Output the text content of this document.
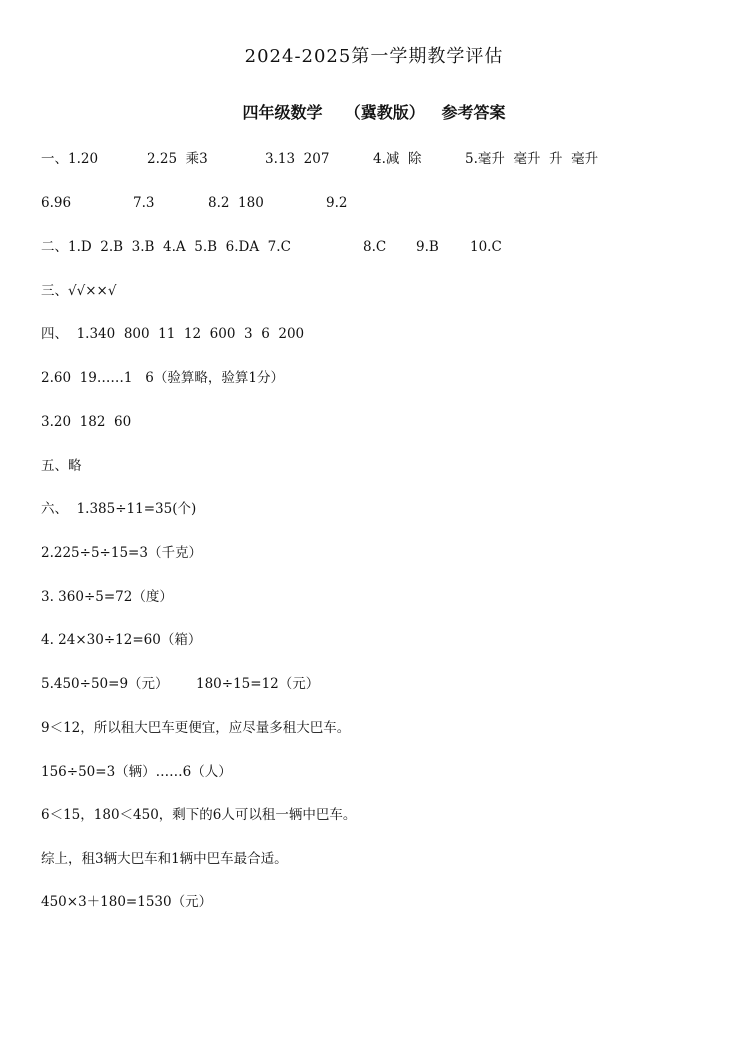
2024-2025第一学期教学评估
四年级数学 （冀教版） 参考答案

一、1.20

	2.25  乘3

	3.13  207

	4.减  除

	5.毫升  毫升  升  毫升

6.96

	7.3

	8.2  180

	9.2

二、1.D  2.B  3.B  4.A  5.B  6.DA  7.C

	8.C

9.B

10.C

三、√√××√
四、  1.340  800  11  12  600  3  6  200
2.60  19……1   6（验算略，验算1分）
3.20  182  60
五、略
六、  1.385÷11=35(个)
2.225÷5÷15=3（千克）
3. 360÷5=72（度）
4. 24×30÷12=60（箱）

5.450÷50=9（元）

180÷15=12（元）

9＜12，所以租大巴车更便宜，应尽量多租大巴车。
156÷50=3（辆）……6（人）
6＜15，180＜450，剩下的6人可以租一辆中巴车。
综上，租3辆大巴车和1辆中巴车最合适。
450×3＋180=1530（元）
